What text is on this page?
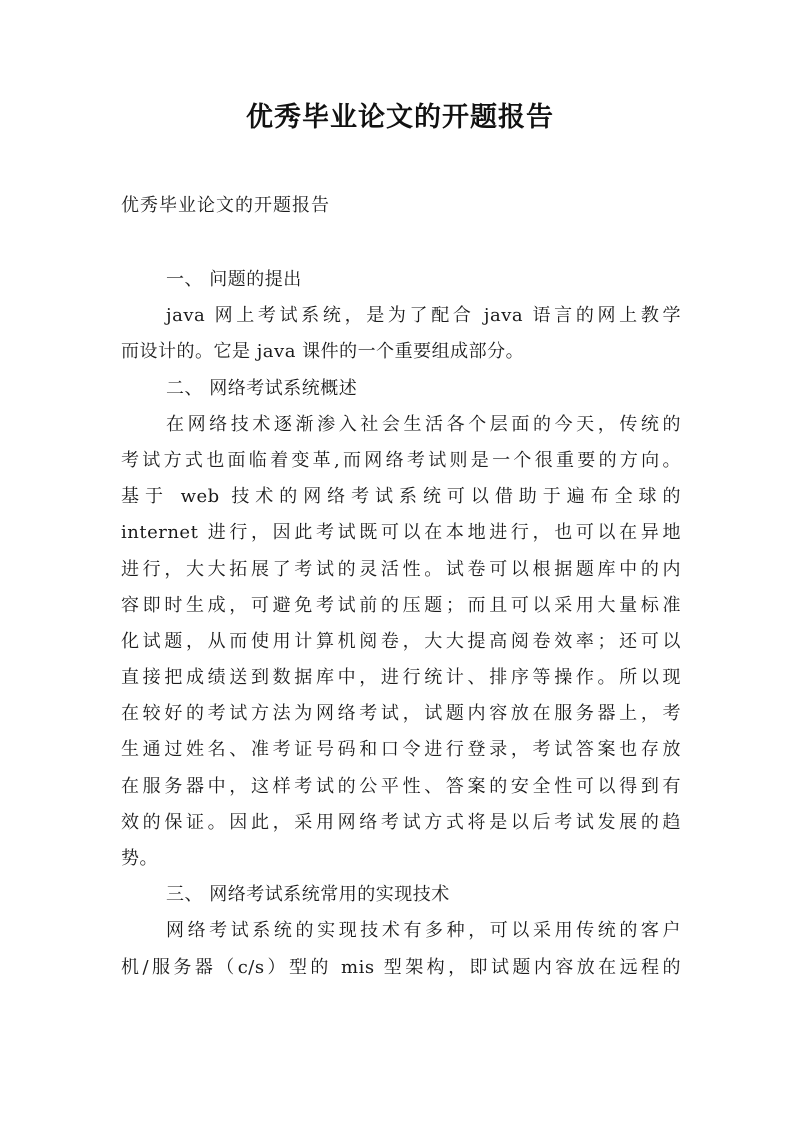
优秀毕业论文的开题报告
优秀毕业论文的开题报告
一、 问题的提出
java 网上考试系统，是为了配合 java 语言的网上教学
而设计的。它是 java 课件的一个重要组成部分。
二、 网络考试系统概述
在网络技术逐渐渗入社会生活各个层面的今天，传统的
考试方式也面临着变革,而网络考试则是一个很重要的方向。
基于 web 技术的网络考试系统可以借助于遍布全球的
internet 进行，因此考试既可以在本地进行，也可以在异地
进行，大大拓展了考试的灵活性。试卷可以根据题库中的内
容即时生成，可避免考试前的压题；而且可以采用大量标准
化试题，从而使用计算机阅卷，大大提高阅卷效率；还可以
直接把成绩送到数据库中，进行统计、排序等操作。所以现
在较好的考试方法为网络考试，试题内容放在服务器上，考
生通过姓名、准考证号码和口令进行登录，考试答案也存放
在服务器中，这样考试的公平性、答案的安全性可以得到有
效的保证。因此，采用网络考试方式将是以后考试发展的趋
势。
三、 网络考试系统常用的实现技术
网络考试系统的实现技术有多种，可以采用传统的客户
机/服务器（c/s）型的 mis 型架构，即试题内容放在远程的
